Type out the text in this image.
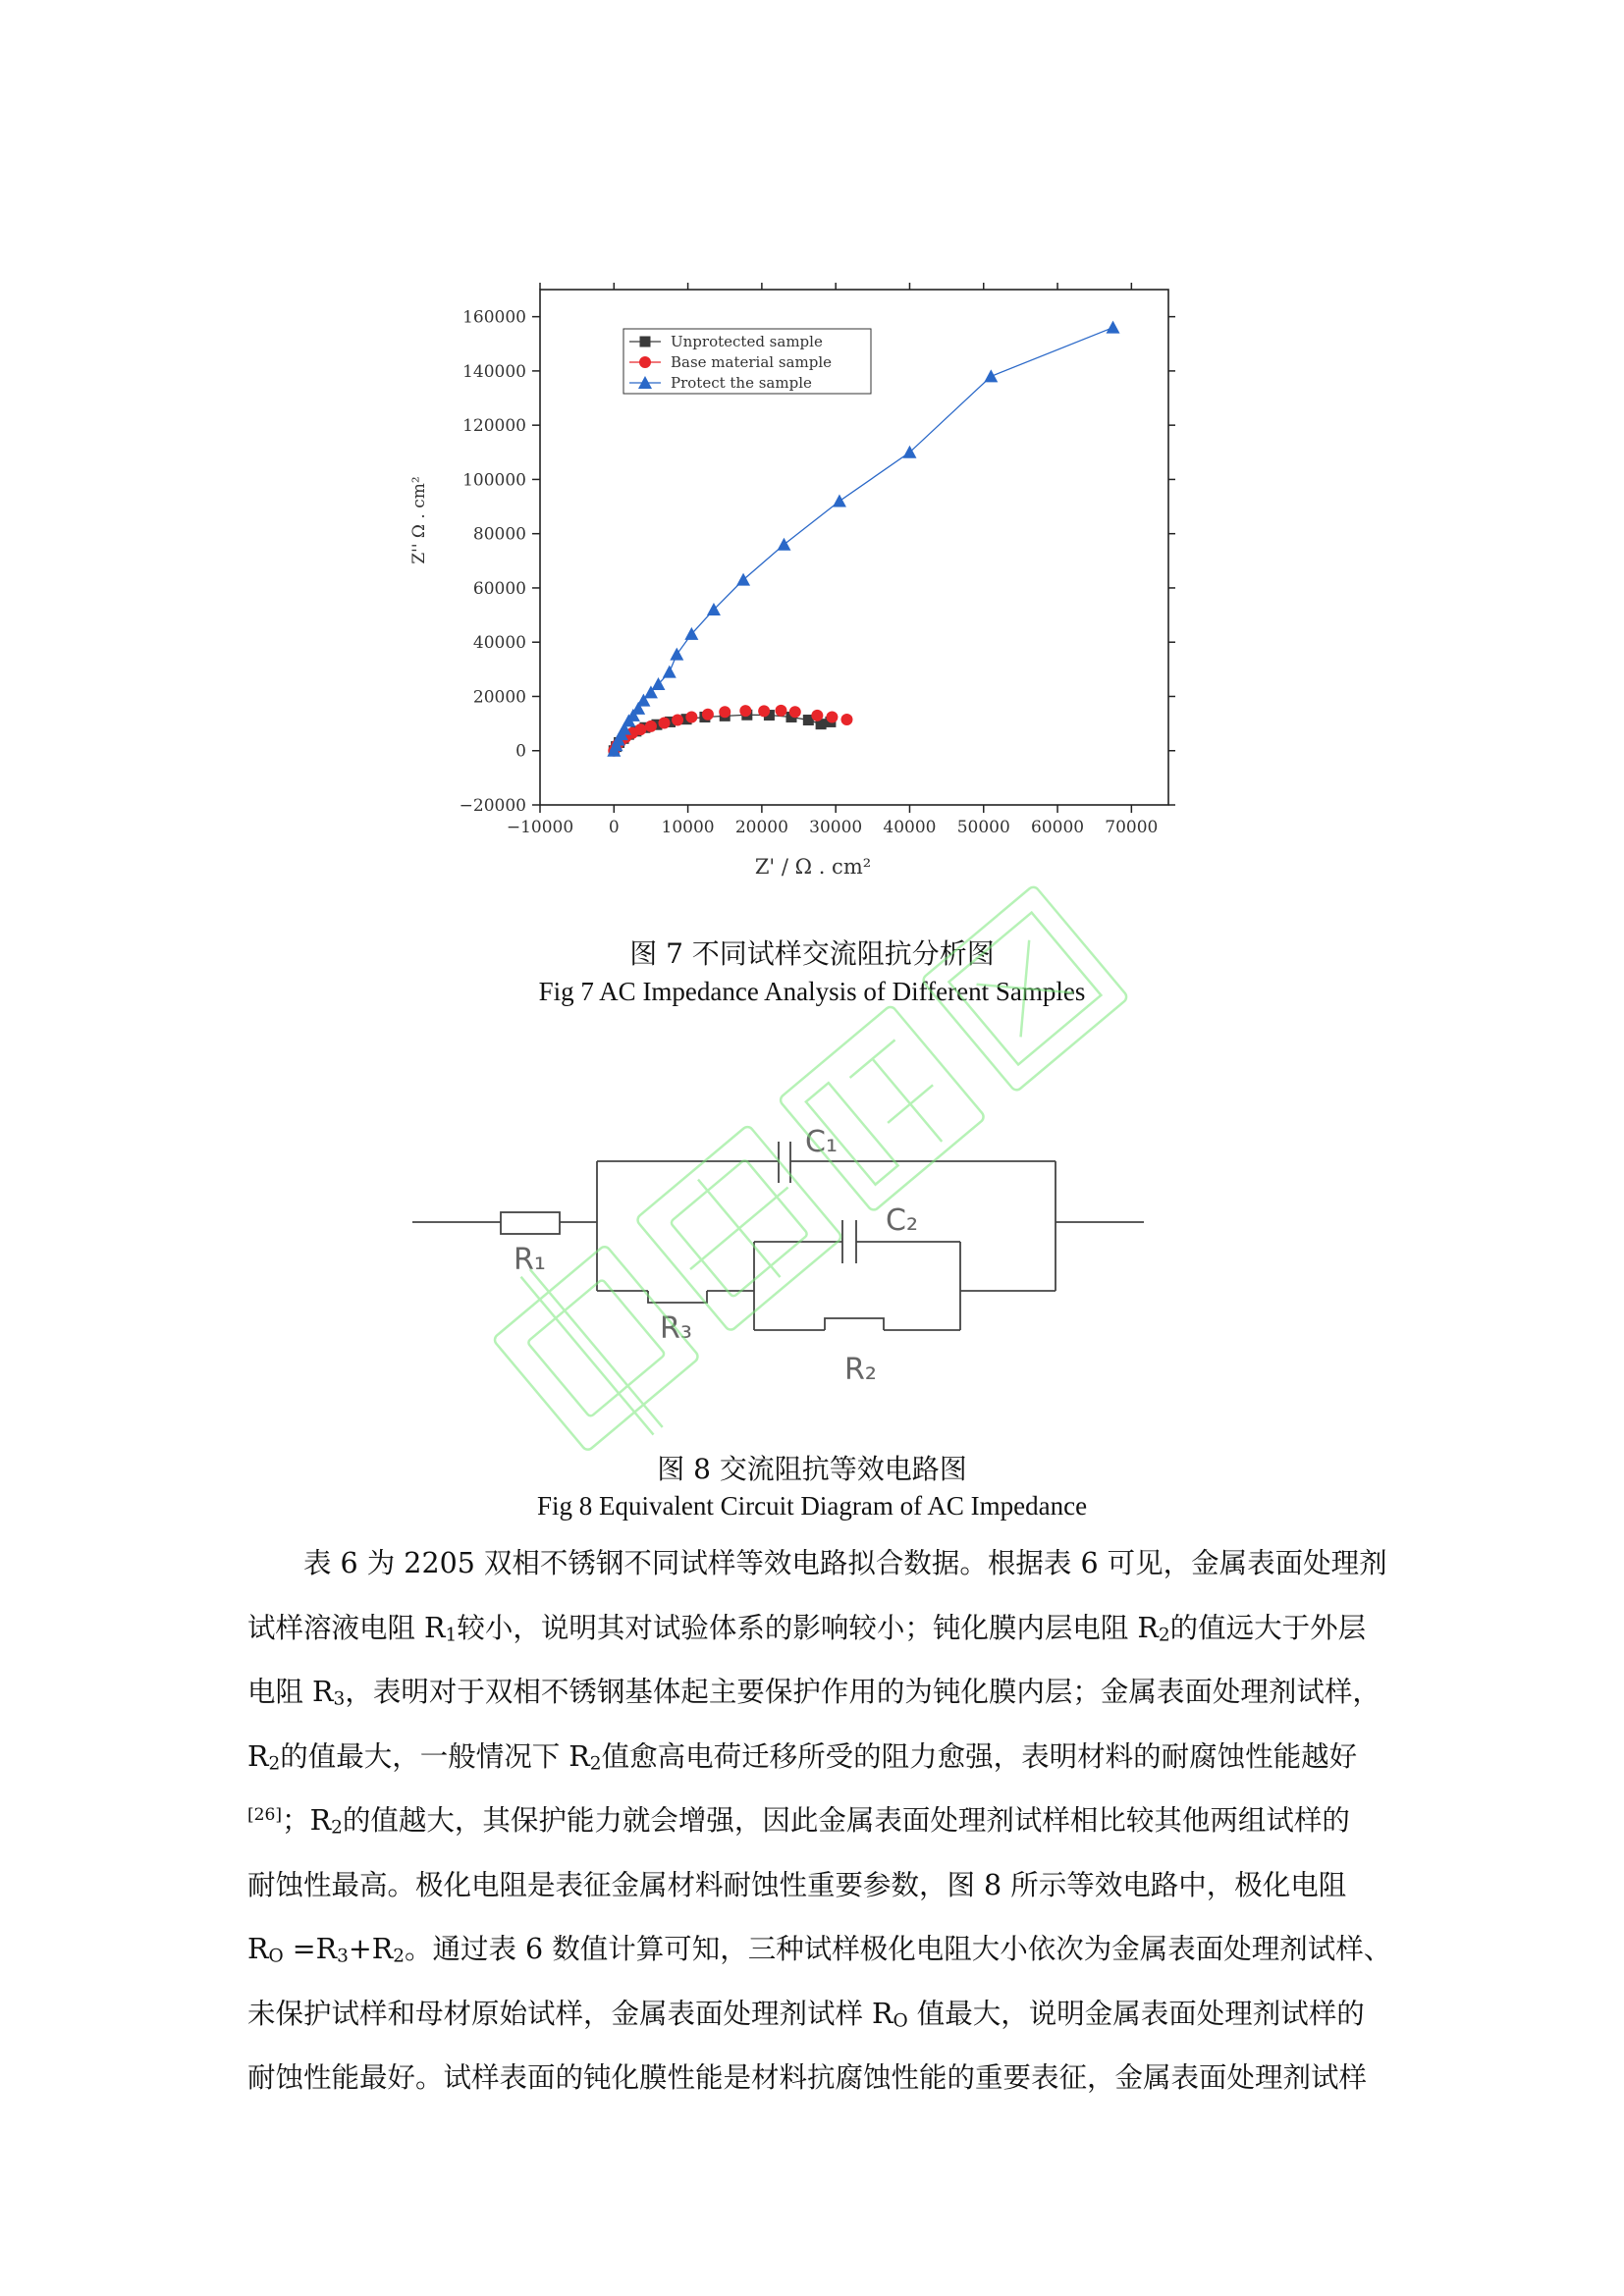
−10000 0	10000 20000 30000 40000 50000 60000 70000
−20000
0
20000
40000
60000
80000
100000
120000
140000
160000
Unprotected sample
Base material sample
Protect the sample
Z'' Ω . cm²
Z' / Ω . cm²
图 7 不同试样交流阻抗分析图
Fig 7 AC Impedance Analysis of Different Samples
C₁
C₂
R₁
R₃
R₂
图 8 交流阻抗等效电路图
Fig 8 Equivalent Circuit Diagram of AC Impedance
表 6 为 2205 双相不锈钢不同试样等效电路拟合数据。根据表 6 可见，金属表面处理剂
试样溶液电阻 $R_1$较小，说明其对试验体系的影响较小；钝化膜内层电阻 $R_2$的值远大于外层
电阻 $R_3$，表明对于双相不锈钢基体起主要保护作用的为钝化膜内层；金属表面处理剂试样，
$R_2$的值最大，一般情况下 $R_2$值愈高电荷迁移所受的阻力愈强，表明材料的耐腐蚀性能越好
[26]；$R_2$的值越大，其保护能力就会增强，因此金属表面处理剂试样相比较其他两组试样的
耐蚀性最高。极化电阻是表征金属材料耐蚀性重要参数，图 8 所示等效电路中，极化电阻
$R_O =R_3+R_2$。通过表 6 数值计算可知，三种试样极化电阻大小依次为金属表面处理剂试样、
未保护试样和母材原始试样，金属表面处理剂试样 $R_O$ 值最大，说明金属表面处理剂试样的
耐蚀性能最好。试样表面的钝化膜性能是材料抗腐蚀性能的重要表征，金属表面处理剂试样
